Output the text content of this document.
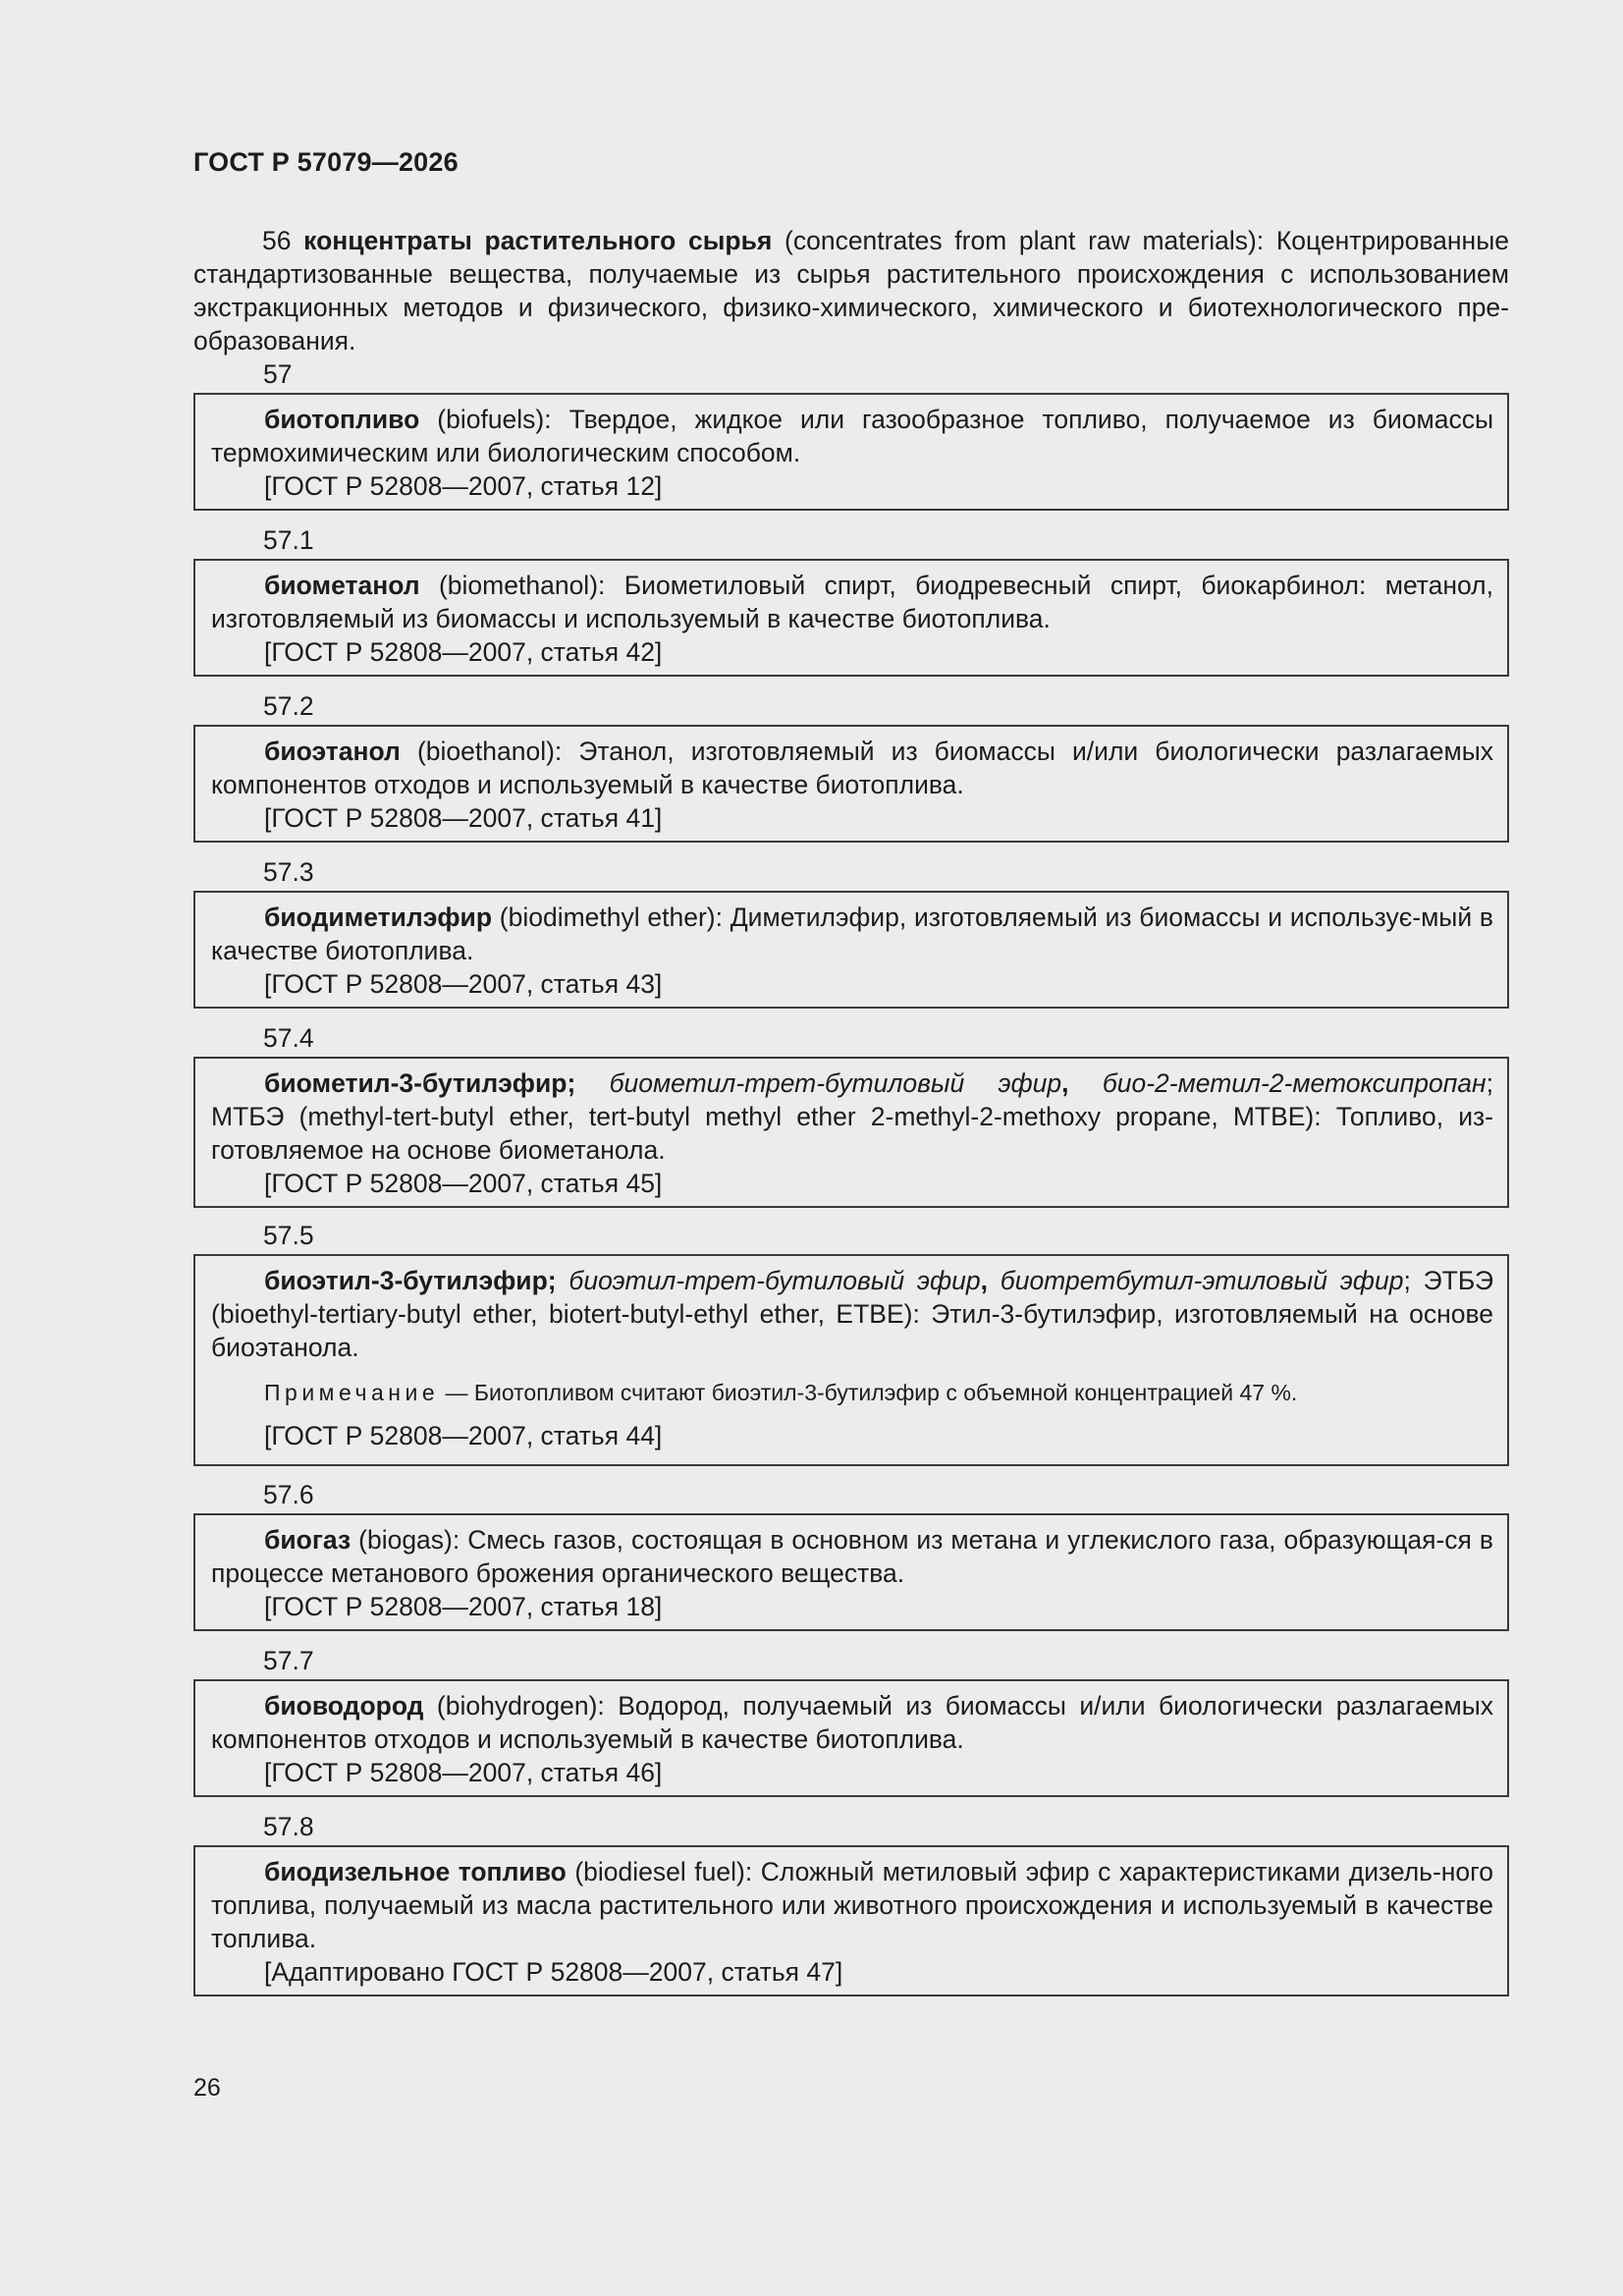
ГОСТ Р 57079—2026
56 концентраты растительного сырья (concentrates from plant raw materials): Коцентрированные стандартизованные вещества, получаемые из сырья растительного происхождения с использованием экстракционных методов и физического, физико-химического, химического и биотехнологического пре-образования.
57

биотопливо (biofuels): Твердое, жидкое или газообразное топливо, получаемое из биомассы термохимическим или биологическим способом.

[ГОСТ Р 52808—2007, статья 12]

57.1

биометанол (biomethanol): Биометиловый спирт, биодревесный спирт, биокарбинол: метанол, изготовляемый из биомассы и используемый в качестве биотоплива.

[ГОСТ Р 52808—2007, статья 42]

57.2

биоэтанол (bioethanol): Этанол, изготовляемый из биомассы и/или биологически разлагаемых компонентов отходов и используемый в качестве биотоплива.

[ГОСТ Р 52808—2007, статья 41]

57.3

биодиметилэфир (biodimethyl ether): Диметилэфир, изготовляемый из биомассы и использує-мый в качестве биотоплива.

[ГОСТ Р 52808—2007, статья 43]

57.4

биометил-3-бутилэфир; биометил-трет-бутиловый эфир, био-2-метил-2-метоксипропан; МТБЭ (methyl-tert-butyl ether, tert-butyl methyl ether 2-methyl-2-methoxy propane, MTBE): Топливо, из-готовляемое на основе биометанола.

[ГОСТ Р 52808—2007, статья 45]

57.5

биоэтил-3-бутилэфир; биоэтил-трет-бутиловый эфир, биотретбутил-этиловый эфир; ЭТБЭ (bioethyl-tertiary-butyl ether, biotert-butyl-ethyl ether, ETBE): Этил-3-бутилэфир, изготовляемый на основе биоэтанола.

Примечание — Биотопливом считают биоэтил-3-бутилэфир с объемной концентрацией 47 %.

[ГОСТ Р 52808—2007, статья 44]

57.6

биогаз (biogas): Смесь газов, состоящая в основном из метана и углекислого газа, образующая-ся в процессе метанового брожения органического вещества.

[ГОСТ Р 52808—2007, статья 18]

57.7

биоводород (biohydrogen): Водород, получаемый из биомассы и/или биологически разлагаемых компонентов отходов и используемый в качестве биотоплива.

[ГОСТ Р 52808—2007, статья 46]

57.8

биодизельное топливо (biodiesel fuel): Сложный метиловый эфир с характеристиками дизель-ного топлива, получаемый из масла растительного или животного происхождения и используемый в качестве топлива.

[Адаптировано ГОСТ Р 52808—2007, статья 47]

26
